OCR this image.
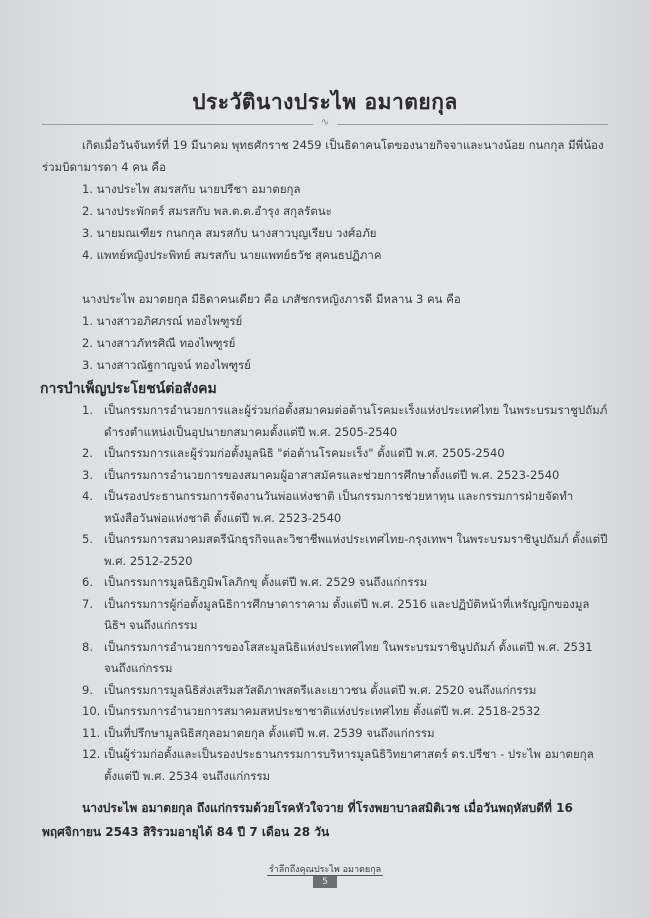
ประวัตินางประไพ อมาตยกุล
∿

เกิดเมื่อวันจันทร์ที่ 19 มีนาคม พุทธศักราช 2459 เป็นธิดาคนโตของนายกิจจาและนางน้อย กนกกุล มีพี่น้องร่วมบิดามารดา 4 คน คือ

1. นางประไพ สมรสกับ นายปรีชา อมาตยกุล
2. นางประพักตร์ สมรสกับ พล.ต.ต.อำรุง สกุลรัตนะ
3. นายมณเฑียร กนกกุล สมรสกับ นางสาวบุญเรียบ วงศ์อภัย
4. แพทย์หญิงประพิทย์ สมรสกับ นายแพทย์ธวัช สุคนธปฏิภาค
นางประไพ อมาตยกุล มีธิดาคนเดียว คือ เภสัชกรหญิงภารดี มีหลาน 3 คน คือ
1. นางสาวอภิศภรณ์ ทองไพฑูรย์
2. นางสาวภัทรศิณี ทองไพฑูรย์
3. นางสาวณัฐกาญจน์ ทองไพฑูรย์
การบำเพ็ญประโยชน์ต่อสังคม
1. เป็นกรรมการอำนวยการและผู้ร่วมก่อตั้งสมาคมต่อต้านโรคมะเร็งแห่งประเทศไทย ในพระบรมราชูปถัมภ์ ดำรงตำแหน่งเป็นอุปนายกสมาคมตั้งแต่ปี พ.ศ. 2505-2540
2. เป็นกรรมการและผู้ร่วมก่อตั้งมูลนิธิ "ต่อต้านโรคมะเร็ง" ตั้งแต่ปี พ.ศ. 2505-2540
3. เป็นกรรมการอำนวยการของสมาคมผู้อาสาสมัครและช่วยการศึกษาตั้งแต่ปี พ.ศ. 2523-2540
4. เป็นรองประธานกรรมการจัดงานวันพ่อแห่งชาติ เป็นกรรมการช่วยหาทุน และกรรมการฝ่ายจัดทำหนังสือวันพ่อแห่งชาติ ตั้งแต่ปี พ.ศ. 2523-2540
5. เป็นกรรมการสมาคมสตรีนักธุรกิจและวิชาชีพแห่งประเทศไทย-กรุงเทพฯ ในพระบรมราชินูปถัมภ์ ตั้งแต่ปี พ.ศ. 2512-2520
6. เป็นกรรมการมูลนิธิภูมิพโลภิกขุ ตั้งแต่ปี พ.ศ. 2529 จนถึงแก่กรรม
7. เป็นกรรมการผู้ก่อตั้งมูลนิธิการศึกษาดาราคาม ตั้งแต่ปี พ.ศ. 2516 และปฏิบัติหน้าที่เหรัญญิกของมูลนิธิฯ จนถึงแก่กรรม
8. เป็นกรรมการอำนวยการของโสสะมูลนิธิแห่งประเทศไทย ในพระบรมราชินูปถัมภ์ ตั้งแต่ปี พ.ศ. 2531 จนถึงแก่กรรม
9. เป็นกรรมการมูลนิธิส่งเสริมสวัสดิภาพสตรีและเยาวชน ตั้งแต่ปี พ.ศ. 2520 จนถึงแก่กรรม
10. เป็นกรรมการอำนวยการสมาคมสหประชาชาติแห่งประเทศไทย ตั้งแต่ปี พ.ศ. 2518-2532
11. เป็นที่ปรึกษามูลนิธิสกุลอมาตยกุล ตั้งแต่ปี พ.ศ. 2539 จนถึงแก่กรรม
12. เป็นผู้ร่วมก่อตั้งและเป็นรองประธานกรรมการบริหารมูลนิธิวิทยาศาสตร์ ดร.ปรีชา - ประไพ อมาตยกุล ตั้งแต่ปี พ.ศ. 2534 จนถึงแก่กรรม

นางประไพ อมาตยกุล ถึงแก่กรรมด้วยโรคหัวใจวาย ที่โรงพยาบาลสมิติเวช เมื่อวันพฤหัสบดีที่ 16 พฤศจิกายน 2543 สิริรวมอายุได้ 84 ปี 7 เดือน 28 วัน

รำลึกถึงคุณประไพ อมาตยกุล
5
